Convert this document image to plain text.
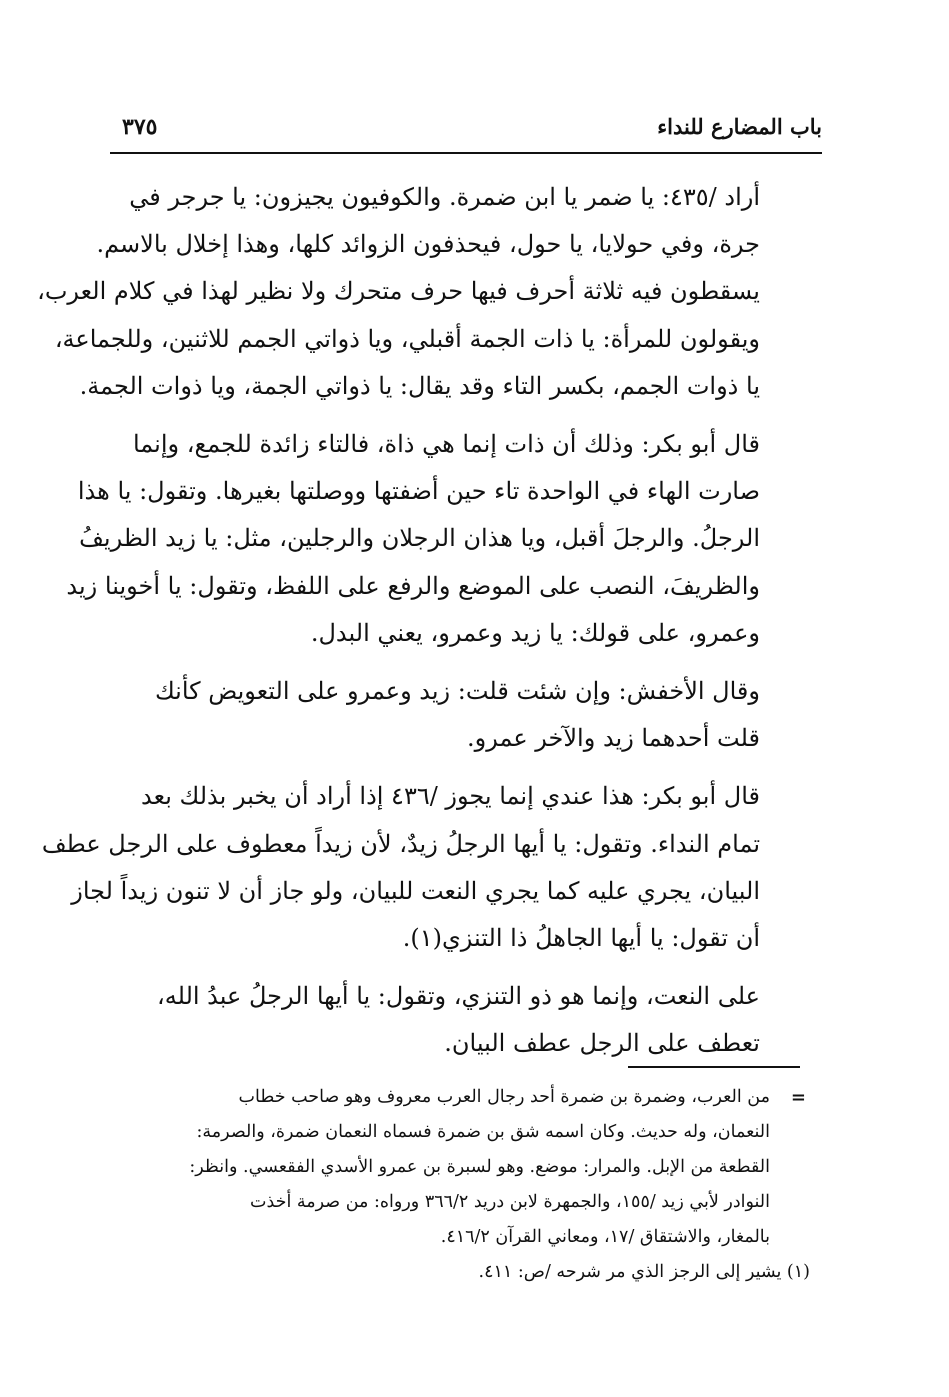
باب المضارع للنداء
٣٧٥

أراد /٤٣٥: يا ضمر يا ابن ضمرة. والكوفيون يجيزون: يا جرجر في
جرة، وفي حولايا، يا حول، فيحذفون الزوائد كلها، وهذا إخلال بالاسم.
يسقطون فيه ثلاثة أحرف فيها حرف متحرك ولا نظير لهذا في كلام العرب،
ويقولون للمرأة: يا ذات الجمة أقبلي، ويا ذواتي الجمم للاثنين، وللجماعة،
يا ذوات الجمم، بكسر التاء وقد يقال: يا ذواتي الجمة، ويا ذوات الجمة.

قال أبو بكر: وذلك أن ذات إنما هي ذاة، فالتاء زائدة للجمع، وإنما
صارت الهاء في الواحدة تاء حين أضفتها ووصلتها بغيرها. وتقول: يا هذا
الرجلُ. والرجلَ أقبل، ويا هذان الرجلان والرجلين، مثل: يا زيد الظريفُ
والظريفَ، النصب على الموضع والرفع على اللفظ، وتقول: يا أخوينا زيد
وعمرو، على قولك: يا زيد وعمرو، يعني البدل.

وقال الأخفش: وإن شئت قلت: زيد وعمرو على التعويض كأنك
قلت أحدهما زيد والآخر عمرو.

قال أبو بكر: هذا عندي إنما يجوز /٤٣٦ إذا أراد أن يخبر بذلك بعد
تمام النداء. وتقول: يا أيها الرجلُ زيدٌ، لأن زيداً معطوف على الرجل عطف
البيان، يجري عليه كما يجري النعت للبيان، ولو جاز أن لا تنون زيداً لجاز
أن تقول: يا أيها الجاهلُ ذا التنزي(١).

على النعت، وإنما هو ذو التنزي، وتقول: يا أيها الرجلُ عبدُ الله،
تعطف على الرجل عطف البيان.

=
من العرب، وضمرة بن ضمرة أحد رجال العرب معروف وهو صاحب خطاب
النعمان، وله حديث. وكان اسمه شق بن ضمرة فسماه النعمان ضمرة، والصرمة:
القطعة من الإبل. والمرار: موضع. وهو لسبرة بن عمرو الأسدي الفقعسي. وانظر:
النوادر لأبي زيد /١٥٥، والجمهرة لابن دريد ٣٦٦/٢ ورواه: من صرمة أخذت
بالمغار، والاشتقاق /١٧، ومعاني القرآن ٤١٦/٢.
(١) يشير إلى الرجز الذي مر شرحه /ص: ٤١١.
